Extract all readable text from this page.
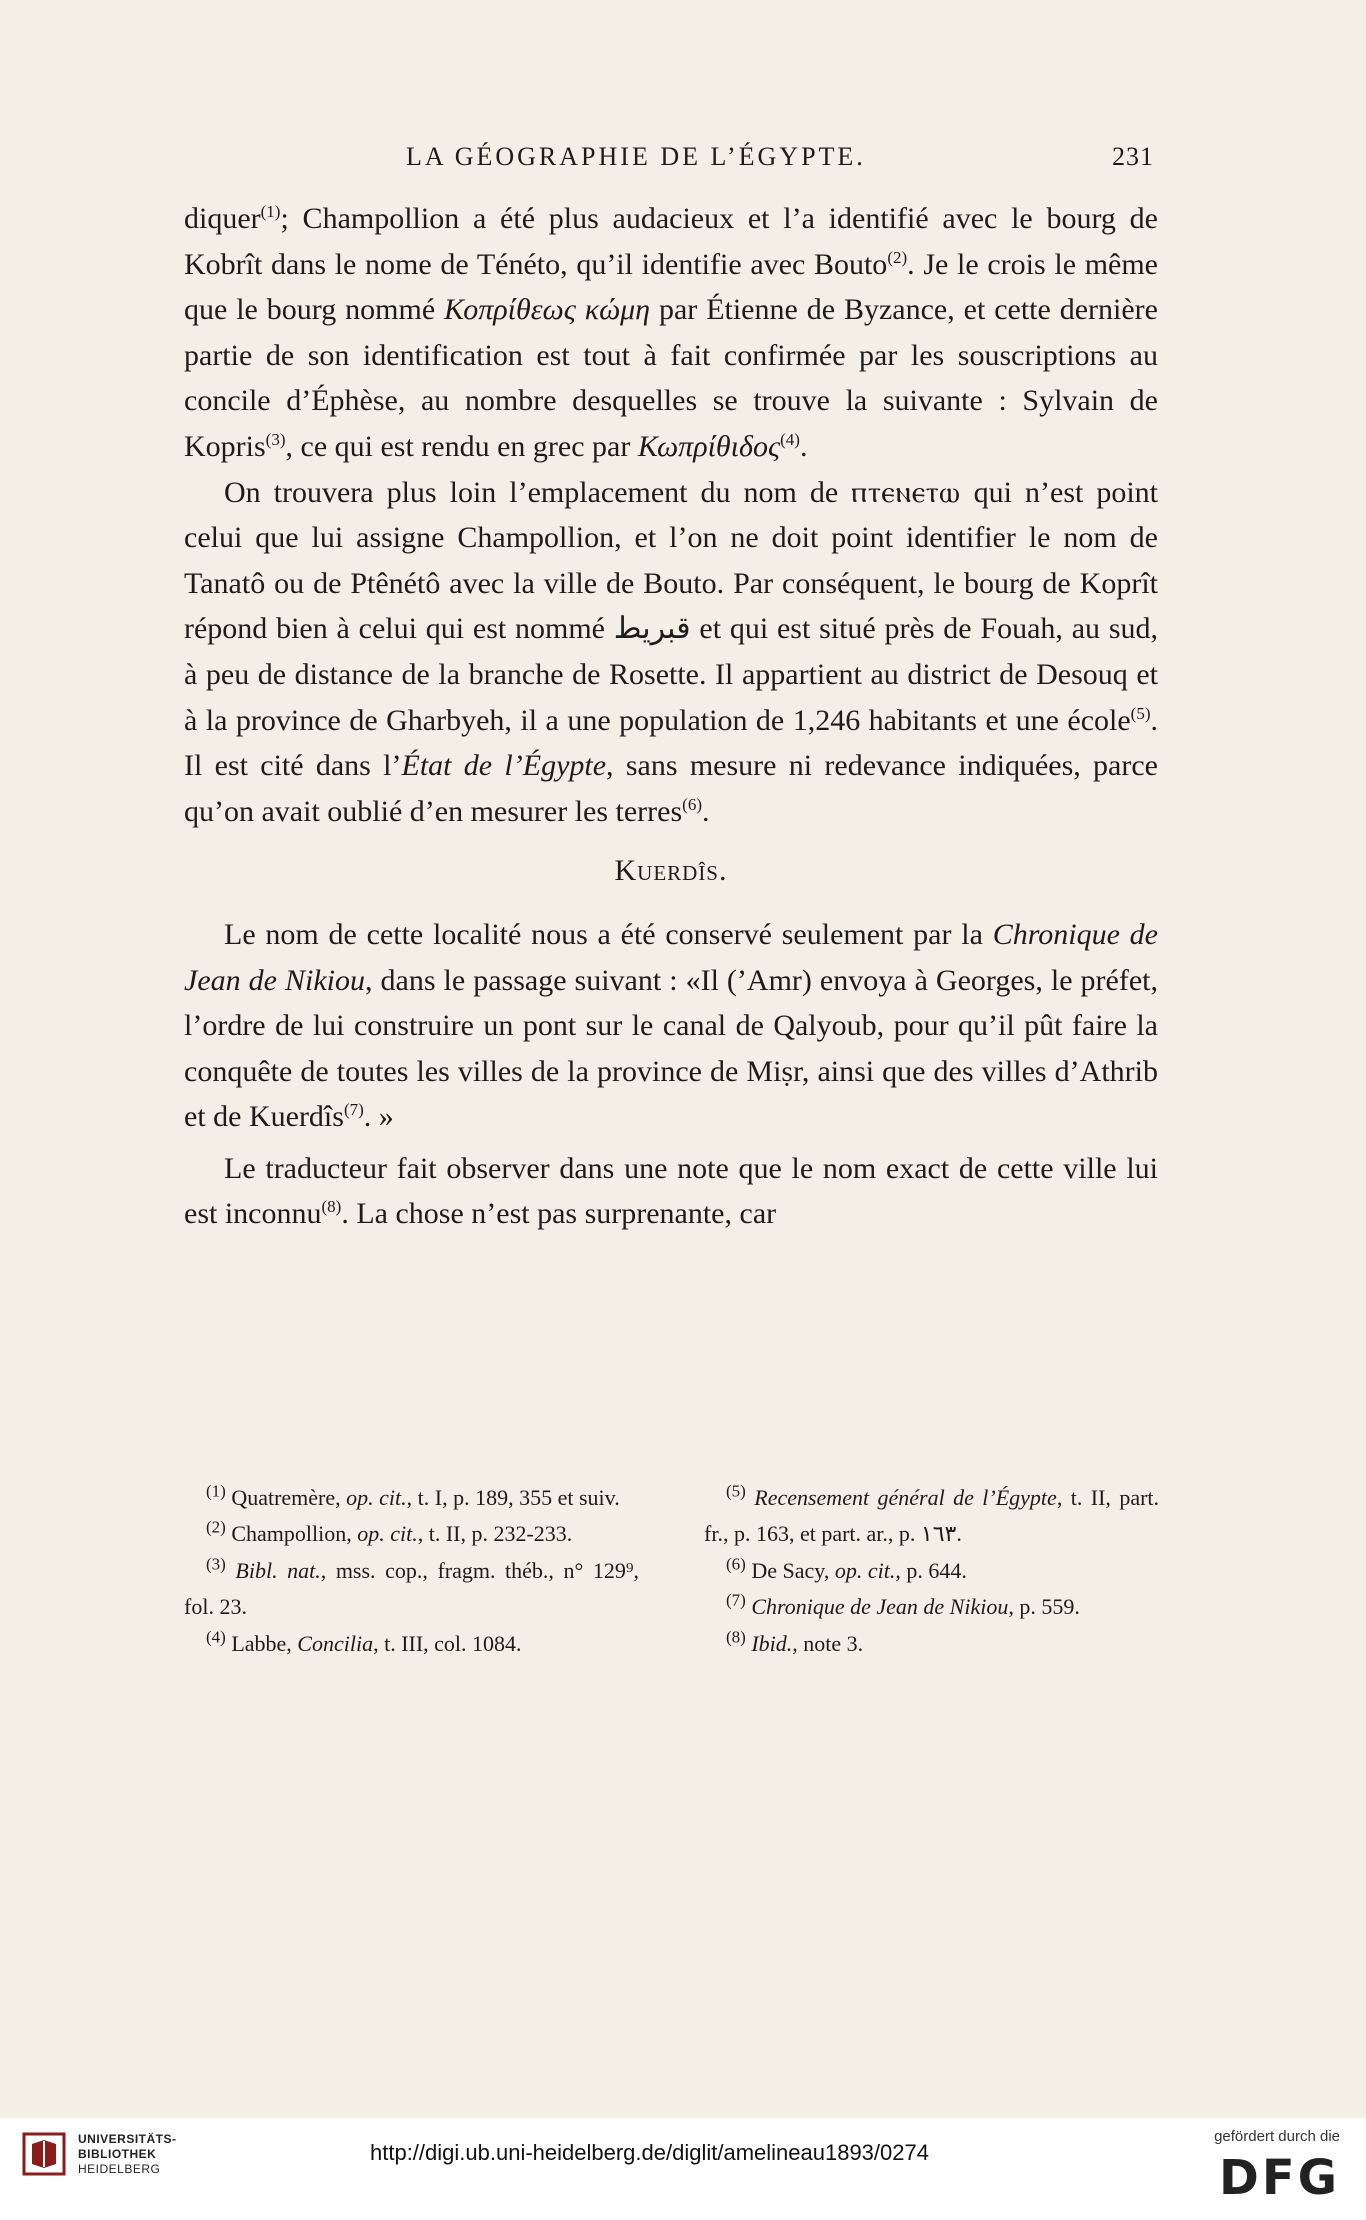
LA GÉOGRAPHIE DE L’ÉGYPTE.	231

diquer$^{(1)}$; Champollion a été plus audacieux et l’a identifié avec le bourg de Kobrît dans le nome de Ténéto, qu’il identifie avec Bouto$^{(2)}$. Je le crois le même que le bourg nommé Κοπρίθεως κώμη par Étienne de Byzance, et cette dernière partie de son identification est tout à fait confirmée par les souscriptions au concile d’Éphèse, au nombre desquelles se trouve la suivante : Sylvain de Kopris$^{(3)}$, ce qui est rendu en grec par Κωπρίθιδος$^{(4)}$.

On trouvera plus loin l’emplacement du nom de ⲡⲧⲉⲛⲉⲧⲱ qui n’est point celui que lui assigne Champollion, et l’on ne doit point identifier le nom de Tanatô ou de Ptênétô avec la ville de Bouto. Par conséquent, le bourg de Koprît répond bien à celui qui est nommé قبريط et qui est situé près de Fouah, au sud, à peu de distance de la branche de Rosette. Il appartient au district de Desouq et à la province de Gharbyeh, il a une population de 1,246 habitants et une école$^{(5)}$. Il est cité dans l’État de l’Égypte, sans mesure ni redevance indiquées, parce qu’on avait oublié d’en mesurer les terres$^{(6)}$.

Kuerdîs.

Le nom de cette localité nous a été conservé seulement par la Chronique de Jean de Nikiou, dans le passage suivant : «Il (’Amr) envoya à Georges, le préfet, l’ordre de lui construire un pont sur le canal de Qalyoub, pour qu’il pût faire la conquête de toutes les villes de la province de Miṣr, ainsi que des villes d’Athrib et de Kuerdîs$^{(7)}$. »

Le traducteur fait observer dans une note que le nom exact de cette ville lui est inconnu$^{(8)}$. La chose n’est pas surprenante, car

$^{(1)}$ Quatremère, op. cit., t. I, p. 189, 355 et suiv.

$^{(2)}$ Champollion, op. cit., t. II, p. 232-233.

$^{(3)}$ Bibl. nat., mss. cop., fragm. théb., n° 129⁹, fol. 23.

$^{(4)}$ Labbe, Concilia, t. III, col. 1084.

$^{(5)}$ Recensement général de l’Égypte, t. II, part. fr., p. 163, et part. ar., p. ١٦٣.

$^{(6)}$ De Sacy, op. cit., p. 644.

$^{(7)}$ Chronique de Jean de Nikiou, p. 559.

$^{(8)}$ Ibid., note 3.

UNIVERSITÄTS-
BIBLIOTHEK
HEIDELBERG
http://digi.ub.uni-heidelberg.de/diglit/amelineau1893/0274
gefördert durch die
DFG
